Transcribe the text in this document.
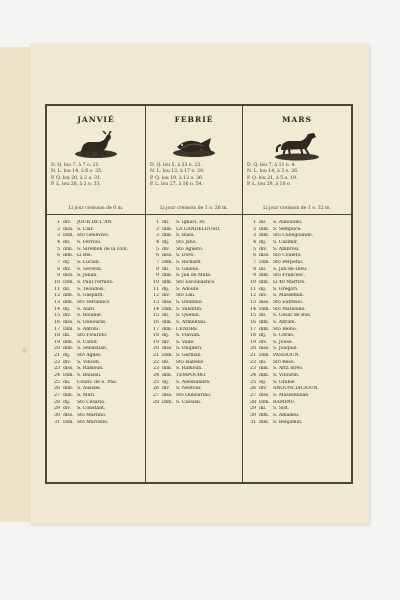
JANVIÉ
D. Q. lou 7, à 7 o. 21.
N. L. lou 14, à 6 o. 35.
P. Q. lou 20, à 2 o. 31.
P. L. lou 28, à 2 o. 33.
Li jour creisson de 0 m.
1 div.	JOUR DE L'AN.
2 diss. S. Clar.
3 Dim. Sto Genevivo.
4 dil.	S. Ferriòu.
5 dim. S. Siremon de la coul.
6 dim. Li Rèi.
7 dij.	S. Lucian.
8 div.	S. Severin.
9 diss. S. Julian.
10 Dim. S. Paul l'ermito.
11 dil.	S. Teoudòsi.
12 dim. S. Gaspard.
13 dim. Sto Veronnico
14 dij.	S. Alàri.
15 div.	S. Roumié.
16 diss. S. Ounourat.
17 Dim. S. Antòni.
18 dil.	Sto Flourido.
19 dim. S. Canut.
20 dim. S. Sebastian.
21 dij.	Sto Agnés.
22 div.	S. Vincèn.
23 diss. S. Ramoun.
24 Dim. S. Bauséli.
25 dil.	Counv. de S. Pau.
26 dim. S. Aussile.
27 dim. S. Mari.
28 dij.	Sto Cesarìo.
29 div.	S. Constant.
30 diss. Sto Martino.
31 Dim. Sto Marcello.
FEBRIÉ
D. Q. lou 5, à 23 o. 23.
N. L. lou 12, à 17 o. 20.
P. Q. lou 19, à 12 o. 36.
P. L. lou 27, à 16 o. 54.
Li jour creisson de 1 o. 26 m.
1 dil.	S. Ignàci, ev.
2 dim. LA CANDELOUSO.
3 dim. S. Blàsi.
4 dij.	Sto Jano.
5 div.	Sto Agueto.
6 diss. S. Doro.
7 Dim. S. Richard.
8 dil.	S. Gineus.
9 dim. S. Jan de Mata.
10 dim. Sto Escoulastico
11 dij.	S. Adòufe.
12 div.	Sto Lali.
13 diss. S. Dounnio.
14 Dim. S. Valentin.
15 dil.	S. Quenin.
16 dim. S. Armentau.
17 dim. CENDRE.
18 dij.	S. Flavian.
19 div.	S. Valié.
20 diss. S. Ouquéri.
21 Dim. S. German.
22 dil.	Sto Isabello
23 dim. S. Ramoun.
24 dim. TEMPOURO.
25 dij.	S. Aleissandre.
26 div.	S. Nestour.
27 diss. Sto Ounourino.
28 Dim. S. Cassien.
MARS
D. Q. lou 7, à 11 o. 4.
N. L. lou 14, à 3 o. 26.
P. Q. lou 21, à 5 o. 19.
P. L. lou 29, à 10 o.
Li jour creisson de 1 o. 32 m.
1 dil.	S. Aubouino.
2 dim. S. Semplice.
3 dim. Sto Cunegoundo.
4 dij.	S. Casimir.
5 div.	S. Ambròsi.
6 diss. Sto Couleto.
7 Dim. Sto Perpètio.
8 dil.	S. Jan-de-Diéu.
9 dim. Sto Francesc.
10 dim. Li 40 Martire.
11 dij.	S. Gregòri.
12 div.	S. Massemin.
13 diss. Sto Eufresio.
14 Dim. Sto Matiéudo.
15 dil.	S. Cesar de Bus.
16 dim. S. Abram.
17 dim. Sto Rèino.
18 dij.	S. Cerilo.
19 div.	S. Jousè.
20 diss. S. Joaquin.
21 Dim. PASSIOUN.
22 dil.	Sto Réso.
23 dim. S. Afra Isreo.
24 dim. S. Vitourin.
25 dij.	S. Grabié
26 div.	ANOUNCIACIOUN.
27 diss. S. Massemilian
28 Dim. RAMPAU.
29 dil.	S. Sist.
30 dim. S. Amadéu.
31 dim. S. Benjamin.
